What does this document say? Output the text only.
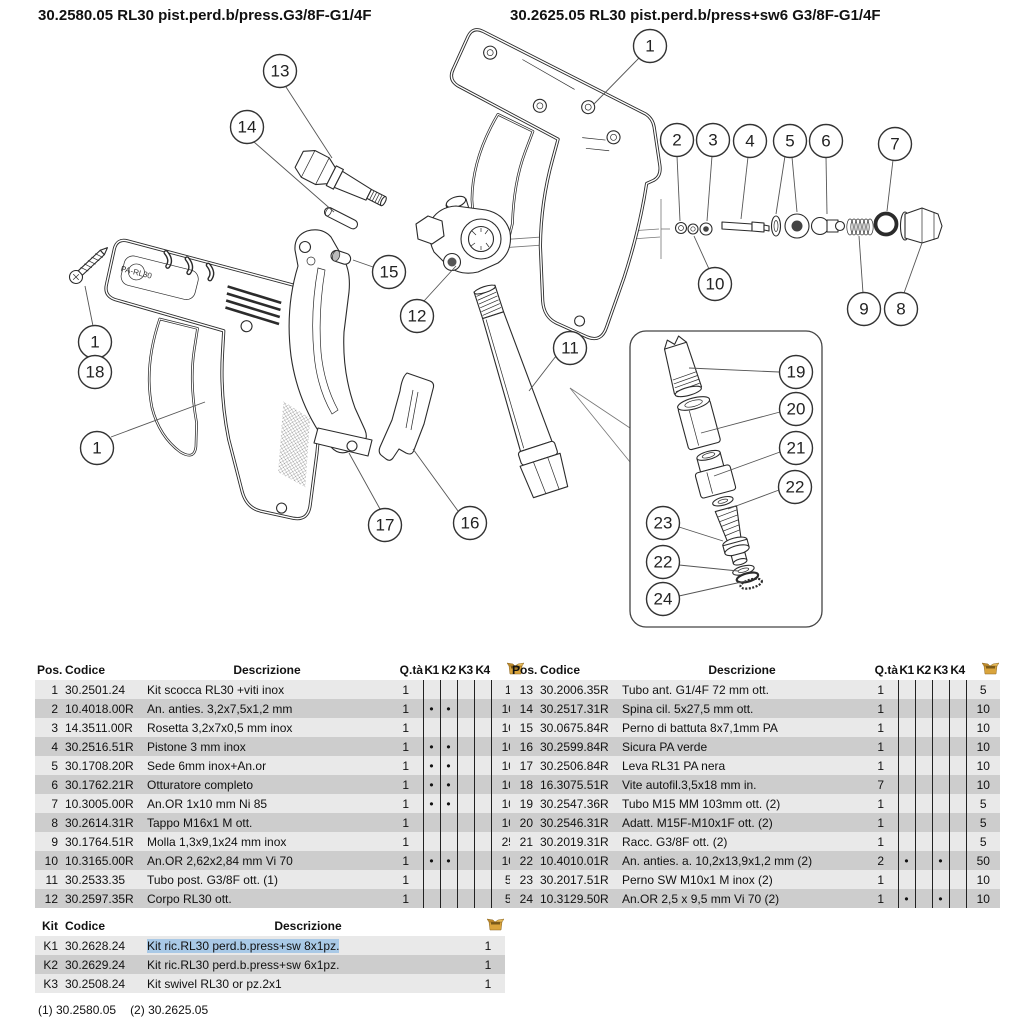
30.2580.05 RL30 pist.perd.b/press.G3/8F-G1/4F	30.2625.05 RL30 pist.perd.b/press+sw6 G3/8F-G1/4F
PA-RL30
13
14
1
2 3 4 5 6	7
10
9 8
15
12
1
18
1
11
17	16
19
20
21
22
23
22
24
Pos.	Codice	Descrizione	Q.tà	K1	K2	K3	K4	
1	30.2501.24	Kit scocca RL30 +viti inox	1					1
2	10.4018.00R	An. anties. 3,2x7,5x1,2 mm	1	•	•			10
3	14.3511.00R	Rosetta 3,2x7x0,5 mm inox	1					10
4	30.2516.51R	Pistone 3 mm inox	1	•	•			10
5	30.1708.20R	Sede 6mm inox+An.or	1	•	•			10
6	30.1762.21R	Otturatore completo	1	•	•			10
7	10.3005.00R	An.OR 1x10 mm Ni 85	1	•	•			10
8	30.2614.31R	Tappo M16x1 M ott.	1					10
9	30.1764.51R	Molla 1,3x9,1x24 mm inox	1					25
10	10.3165.00R	An.OR 2,62x2,84 mm Vi 70	1	•	•			10
11	30.2533.35	Tubo post. G3/8F ott. (1)	1					5
12	30.2597.35R	Corpo RL30 ott.	1					5
Pos.	Codice	Descrizione	Q.tà	K1	K2	K3	K4	
13	30.2006.35R	Tubo ant. G1/4F 72 mm ott.	1					5
14	30.2517.31R	Spina cil. 5x27,5 mm ott.	1					10
15	30.0675.84R	Perno di battuta 8x7,1mm PA	1					10
16	30.2599.84R	Sicura PA verde	1					10
17	30.2506.84R	Leva RL31 PA nera	1					10
18	16.3075.51R	Vite autofil.3,5x18 mm in.	7					10
19	30.2547.36R	Tubo M15 MM 103mm ott. (2)	1					5
20	30.2546.31R	Adatt. M15F-M10x1F ott. (2)	1					5
21	30.2019.31R	Racc. G3/8F ott. (2)	1					5
22	10.4010.01R	An. anties. a. 10,2x13,9x1,2 mm (2)	2	•		•		50
23	30.2017.51R	Perno SW M10x1 M inox (2)	1					10
24	10.3129.50R	An.OR 2,5 x 9,5 mm Vi 70 (2)	1	•		•		10
Kit	Codice	Descrizione	
K1	30.2628.24	Kit ric.RL30 perd.b.press+sw 8x1pz.	1
K2	30.2629.24	Kit ric.RL30 perd.b.press+sw 6x1pz.	1
K3	30.2508.24	Kit swivel RL30 or pz.2x1	1
(1) 30.2580.05 (2) 30.2625.05
